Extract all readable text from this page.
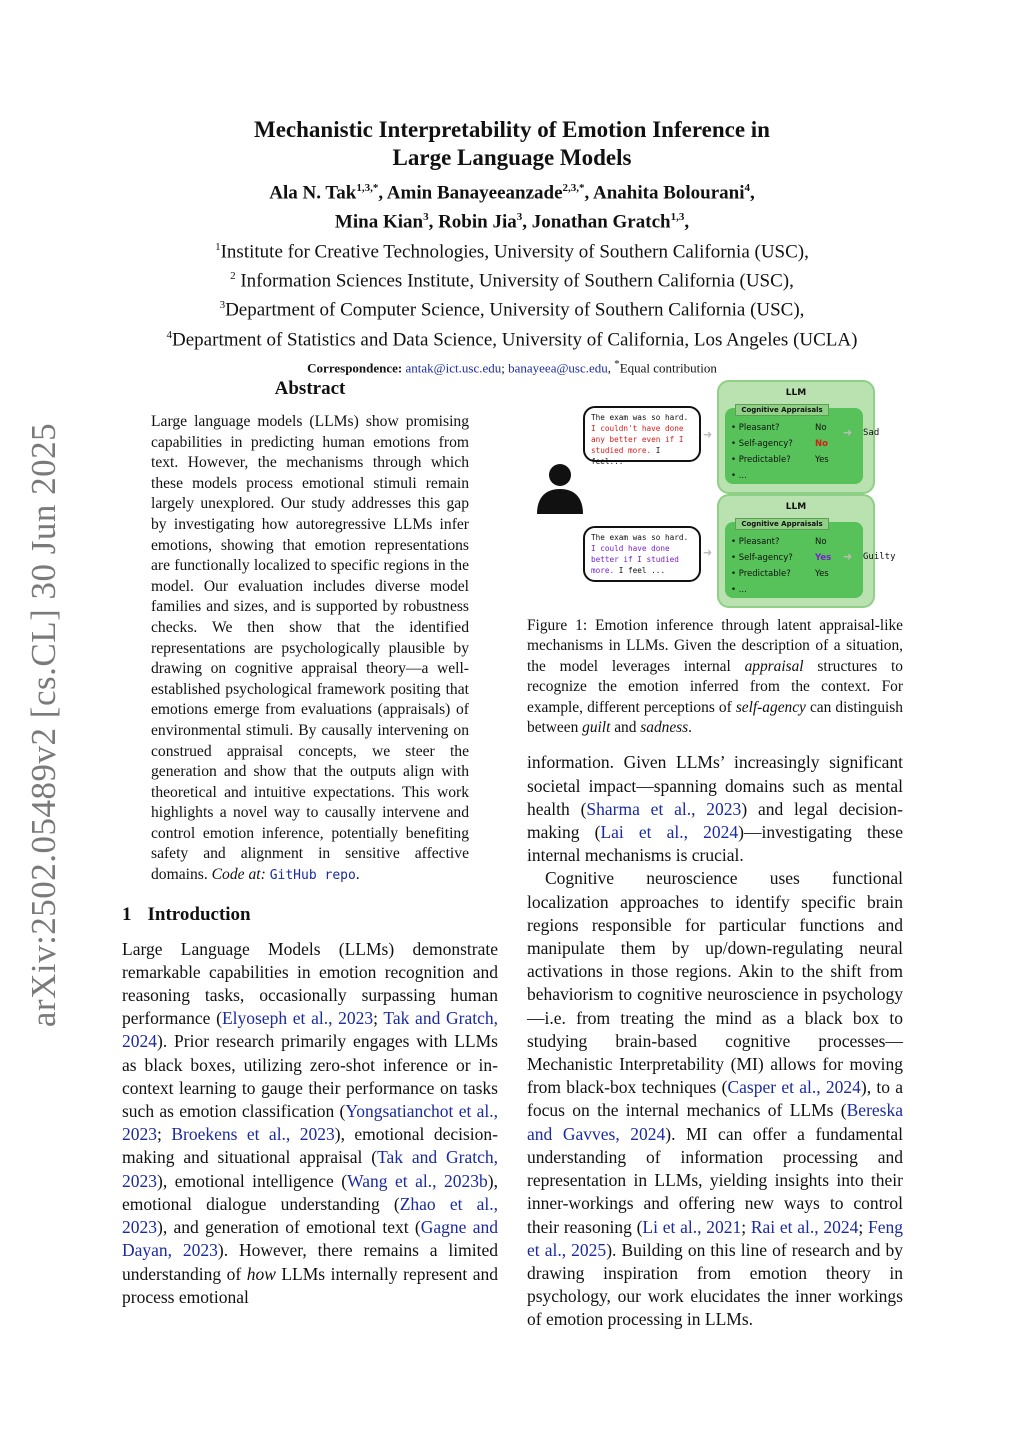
arXiv:2502.05489v2 [cs.CL] 30 Jun 2025
Mechanistic Interpretability of Emotion Inference in
Large Language Models
Ala N. Tak$^{1,3,*}$, Amin Banayeeanzade$^{2,3,*}$, Anahita Bolourani$^4$,
Mina Kian$^3$, Robin Jia$^3$, Jonathan Gratch$^{1,3}$,
$^1$Institute for Creative Technologies, University of Southern California (USC),
$^2$ Information Sciences Institute, University of Southern California (USC),
$^3$Department of Computer Science, University of Southern California (USC),
$^4$Department of Statistics and Data Science, University of California, Los Angeles (UCLA)
Correspondence: antak@ict.usc.edu; banayeea@usc.edu, *Equal contribution
Abstract
Large language models (LLMs) show promising capabilities in predicting human emotions from text. However, the mechanisms through which these models process emotional stimuli remain largely unexplored. Our study addresses this gap by investigating how autoregressive LLMs infer emotions, showing that emotion representations are functionally localized to specific regions in the model. Our evaluation includes diverse model families and sizes, and is supported by robustness checks. We then show that the identified representations are psychologically plausible by drawing on cognitive appraisal theory—a well-established psychological framework positing that emotions emerge from evaluations (appraisals) of environmental stimuli. By causally intervening on construed appraisal concepts, we steer the generation and show that the outputs align with theoretical and intuitive expectations. This work highlights a novel way to causally intervene and control emotion inference, potentially benefiting safety and alignment in sensitive affective domains. Code at: GitHub repo.
1 Introduction

Large Language Models (LLMs) demonstrate remarkable capabilities in emotion recognition and reasoning tasks, occasionally surpassing human performance (Elyoseph et al., 2023; Tak and Gratch, 2024). Prior research primarily engages with LLMs as black boxes, utilizing zero-shot inference or in-context learning to gauge their performance on tasks such as emotion classification (Yongsatianchot et al., 2023; Broekens et al., 2023), emotional decision-making and situational appraisal (Tak and Gratch, 2023), emotional intelligence (Wang et al., 2023b), emotional dialogue understanding (Zhao et al., 2023), and generation of emotional text (Gagne and Dayan, 2023). However, there remains a limited understanding of how LLMs internally represent and process emotional

The exam was so hard. I couldn't have done any better even if I studied more. I feel...
The exam was so hard. I could have done better if I studied more. I feel ...
➜
➜
LLM
Cognitive Appraisals
• Pleasant?	No
• Self-agency?	No
• Predictable?	Yes
• ...
LLM
Cognitive Appraisals
• Pleasant?	No
• Self-agency?	Yes
• Predictable?	Yes
• ...
➜
➜
Sad
Guilty
Figure 1: Emotion inference through latent appraisal-like mechanisms in LLMs. Given the description of a situation, the model leverages internal appraisal structures to recognize the emotion inferred from the context. For example, different perceptions of self-agency can distinguish between guilt and sadness.

information. Given LLMs’ increasingly significant societal impact—spanning domains such as mental health (Sharma et al., 2023) and legal decision-making (Lai et al., 2024)—investigating these internal mechanisms is crucial.

Cognitive neuroscience uses functional localization approaches to identify specific brain regions responsible for particular functions and manipulate them by up/down-regulating neural activations in those regions. Akin to the shift from behaviorism to cognitive neuroscience in psychology—i.e. from treating the mind as a black box to studying brain-based cognitive processes—Mechanistic Interpretability (MI) allows for moving from black-box techniques (Casper et al., 2024), to a focus on the internal mechanics of LLMs (Bereska and Gavves, 2024). MI can offer a fundamental understanding of information processing and representation in LLMs, yielding insights into their inner-workings and offering new ways to control their reasoning (Li et al., 2021; Rai et al., 2024; Feng et al., 2025). Building on this line of research and by drawing inspiration from emotion theory in psychology, our work elucidates the inner workings of emotion processing in LLMs.
